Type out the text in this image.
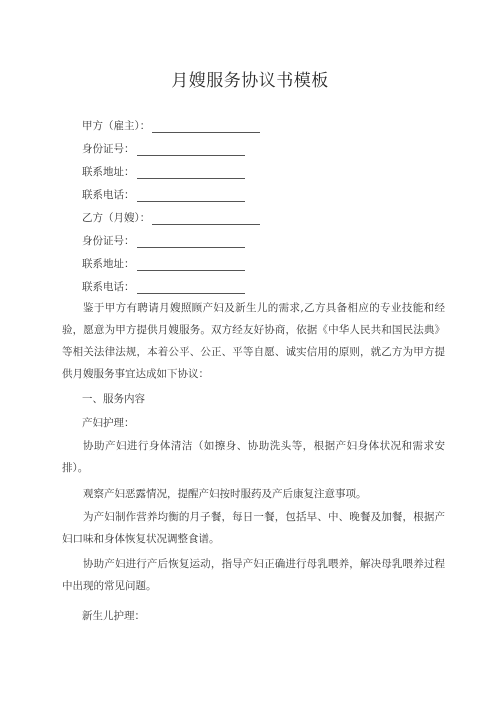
月嫂服务协议书模板
甲方（雇主）：
身份证号：
联系地址：
联系电话：
乙方（月嫂）：
身份证号：
联系地址：
联系电话：
鉴于甲方有聘请月嫂照顾产妇及新生儿的需求,乙方具备相应的专业技能和经验，愿意为甲方提供月嫂服务。双方经友好协商，依据《中华人民共和国民法典》等相关法律法规，本着公平、公正、平等自愿、诚实信用的原则，就乙方为甲方提供月嫂服务事宜达成如下协议：
一、服务内容
产妇护理：
协助产妇进行身体清洁（如擦身、协助洗头等，根据产妇身体状况和需求安排）。
观察产妇恶露情况，提醒产妇按时服药及产后康复注意事项。
为产妇制作营养均衡的月子餐，每日一餐，包括早、中、晚餐及加餐，根据产妇口味和身体恢复状况调整食谱。
协助产妇进行产后恢复运动，指导产妇正确进行母乳喂养，解决母乳喂养过程中出现的常见问题。
新生儿护理：
